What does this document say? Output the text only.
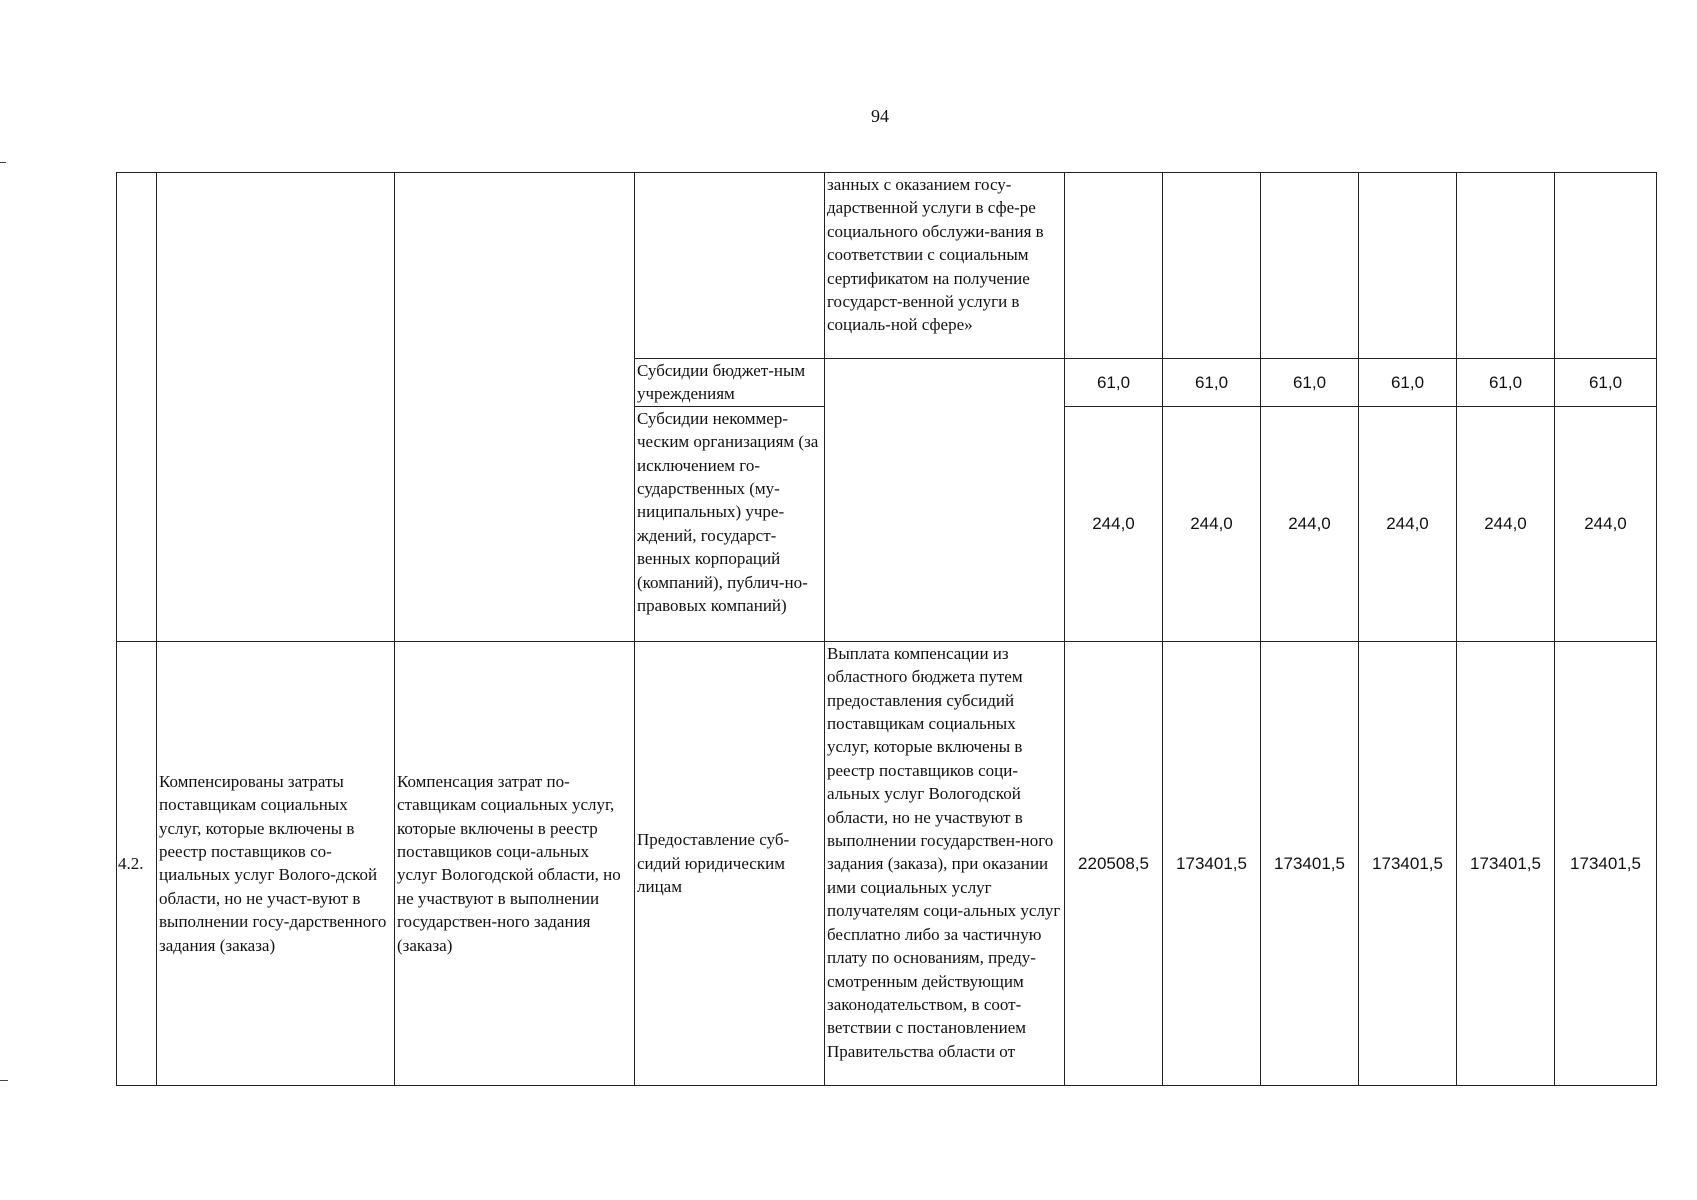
94
				занных с оказанием госу-дарственной услуги в сфе-ре социального обслужи-вания в соответствии с социальным сертификатом на получение государст-венной услуги в социаль-ной сфере»						
			Субсидии бюджет-ным учреждениям		61,0	61,0	61,0	61,0	61,0	61,0
			Субсидии некоммер-ческим организациям (за исключением го-сударственных (му-ниципальных) учре-ждений, государст-венных корпораций (компаний), публич-но-правовых компаний)		244,0	244,0	244,0	244,0	244,0	244,0
4.2.	Компенсированы затраты поставщикам социальных услуг, которые включены в реестр поставщиков со-циальных услуг Волого-дской области, но не участ-вуют в выполнении госу-дарственного задания (заказа)	Компенсация затрат по-ставщикам социальных услуг, которые включены в реестр поставщиков соци-альных услуг Вологодской области, но не участвуют в выполнении государствен-ного задания (заказа)	Предоставление суб-сидий юридическим лицам	Выплата компенсации из областного бюджета путем предоставления субсидий поставщикам социальных услуг, которые включены в реестр поставщиков соци-альных услуг Вологодской области, но не участвуют в выполнении государствен-ного задания (заказа), при оказании ими социальных услуг получателям соци-альных услуг бесплатно либо за частичную плату по основаниям, преду-смотренным действующим законодательством, в соот-ветствии с постановлением Правительства области от	220508,5	173401,5	173401,5	173401,5	173401,5	173401,5
